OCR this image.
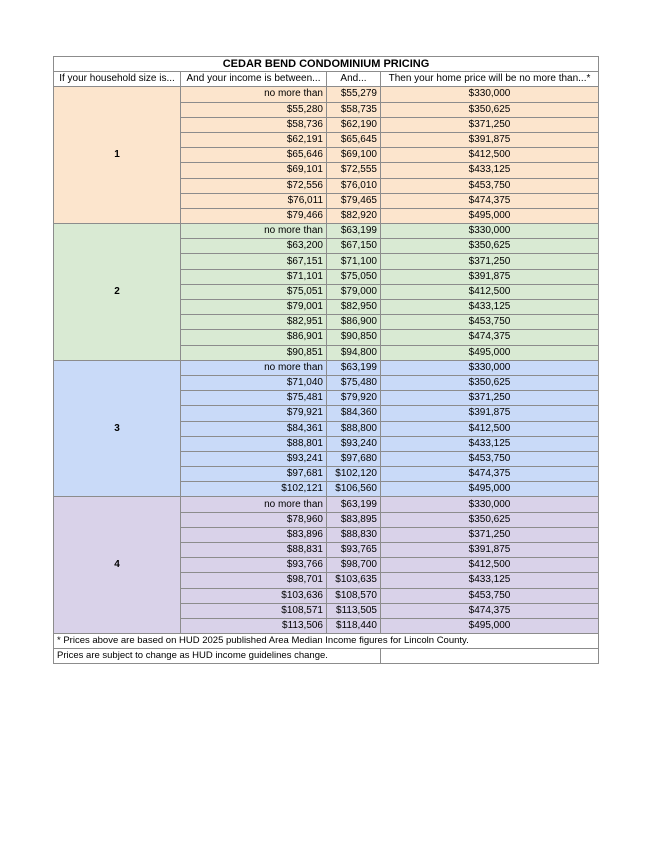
CEDAR BEND CONDOMINIUM PRICING			
If your household size is...	And your income is between...	And...	Then your home price will be no more than...*
1	no more than	$55,279	$330,000
	$55,280	$58,735	$350,625
	$58,736	$62,190	$371,250
	$62,191	$65,645	$391,875
	$65,646	$69,100	$412,500
	$69,101	$72,555	$433,125
	$72,556	$76,010	$453,750
	$76,011	$79,465	$474,375
	$79,466	$82,920	$495,000
2	no more than	$63,199	$330,000
	$63,200	$67,150	$350,625
	$67,151	$71,100	$371,250
	$71,101	$75,050	$391,875
	$75,051	$79,000	$412,500
	$79,001	$82,950	$433,125
	$82,951	$86,900	$453,750
	$86,901	$90,850	$474,375
	$90,851	$94,800	$495,000
3	no more than	$63,199	$330,000
	$71,040	$75,480	$350,625
	$75,481	$79,920	$371,250
	$79,921	$84,360	$391,875
	$84,361	$88,800	$412,500
	$88,801	$93,240	$433,125
	$93,241	$97,680	$453,750
	$97,681	$102,120	$474,375
	$102,121	$106,560	$495,000
4	no more than	$63,199	$330,000
	$78,960	$83,895	$350,625
	$83,896	$88,830	$371,250
	$88,831	$93,765	$391,875
	$93,766	$98,700	$412,500
	$98,701	$103,635	$433,125
	$103,636	$108,570	$453,750
	$108,571	$113,505	$474,375
	$113,506	$118,440	$495,000
* Prices above are based on HUD 2025 published Area Median Income figures for Lincoln County.			
Prices are subject to change as HUD income guidelines change.			
